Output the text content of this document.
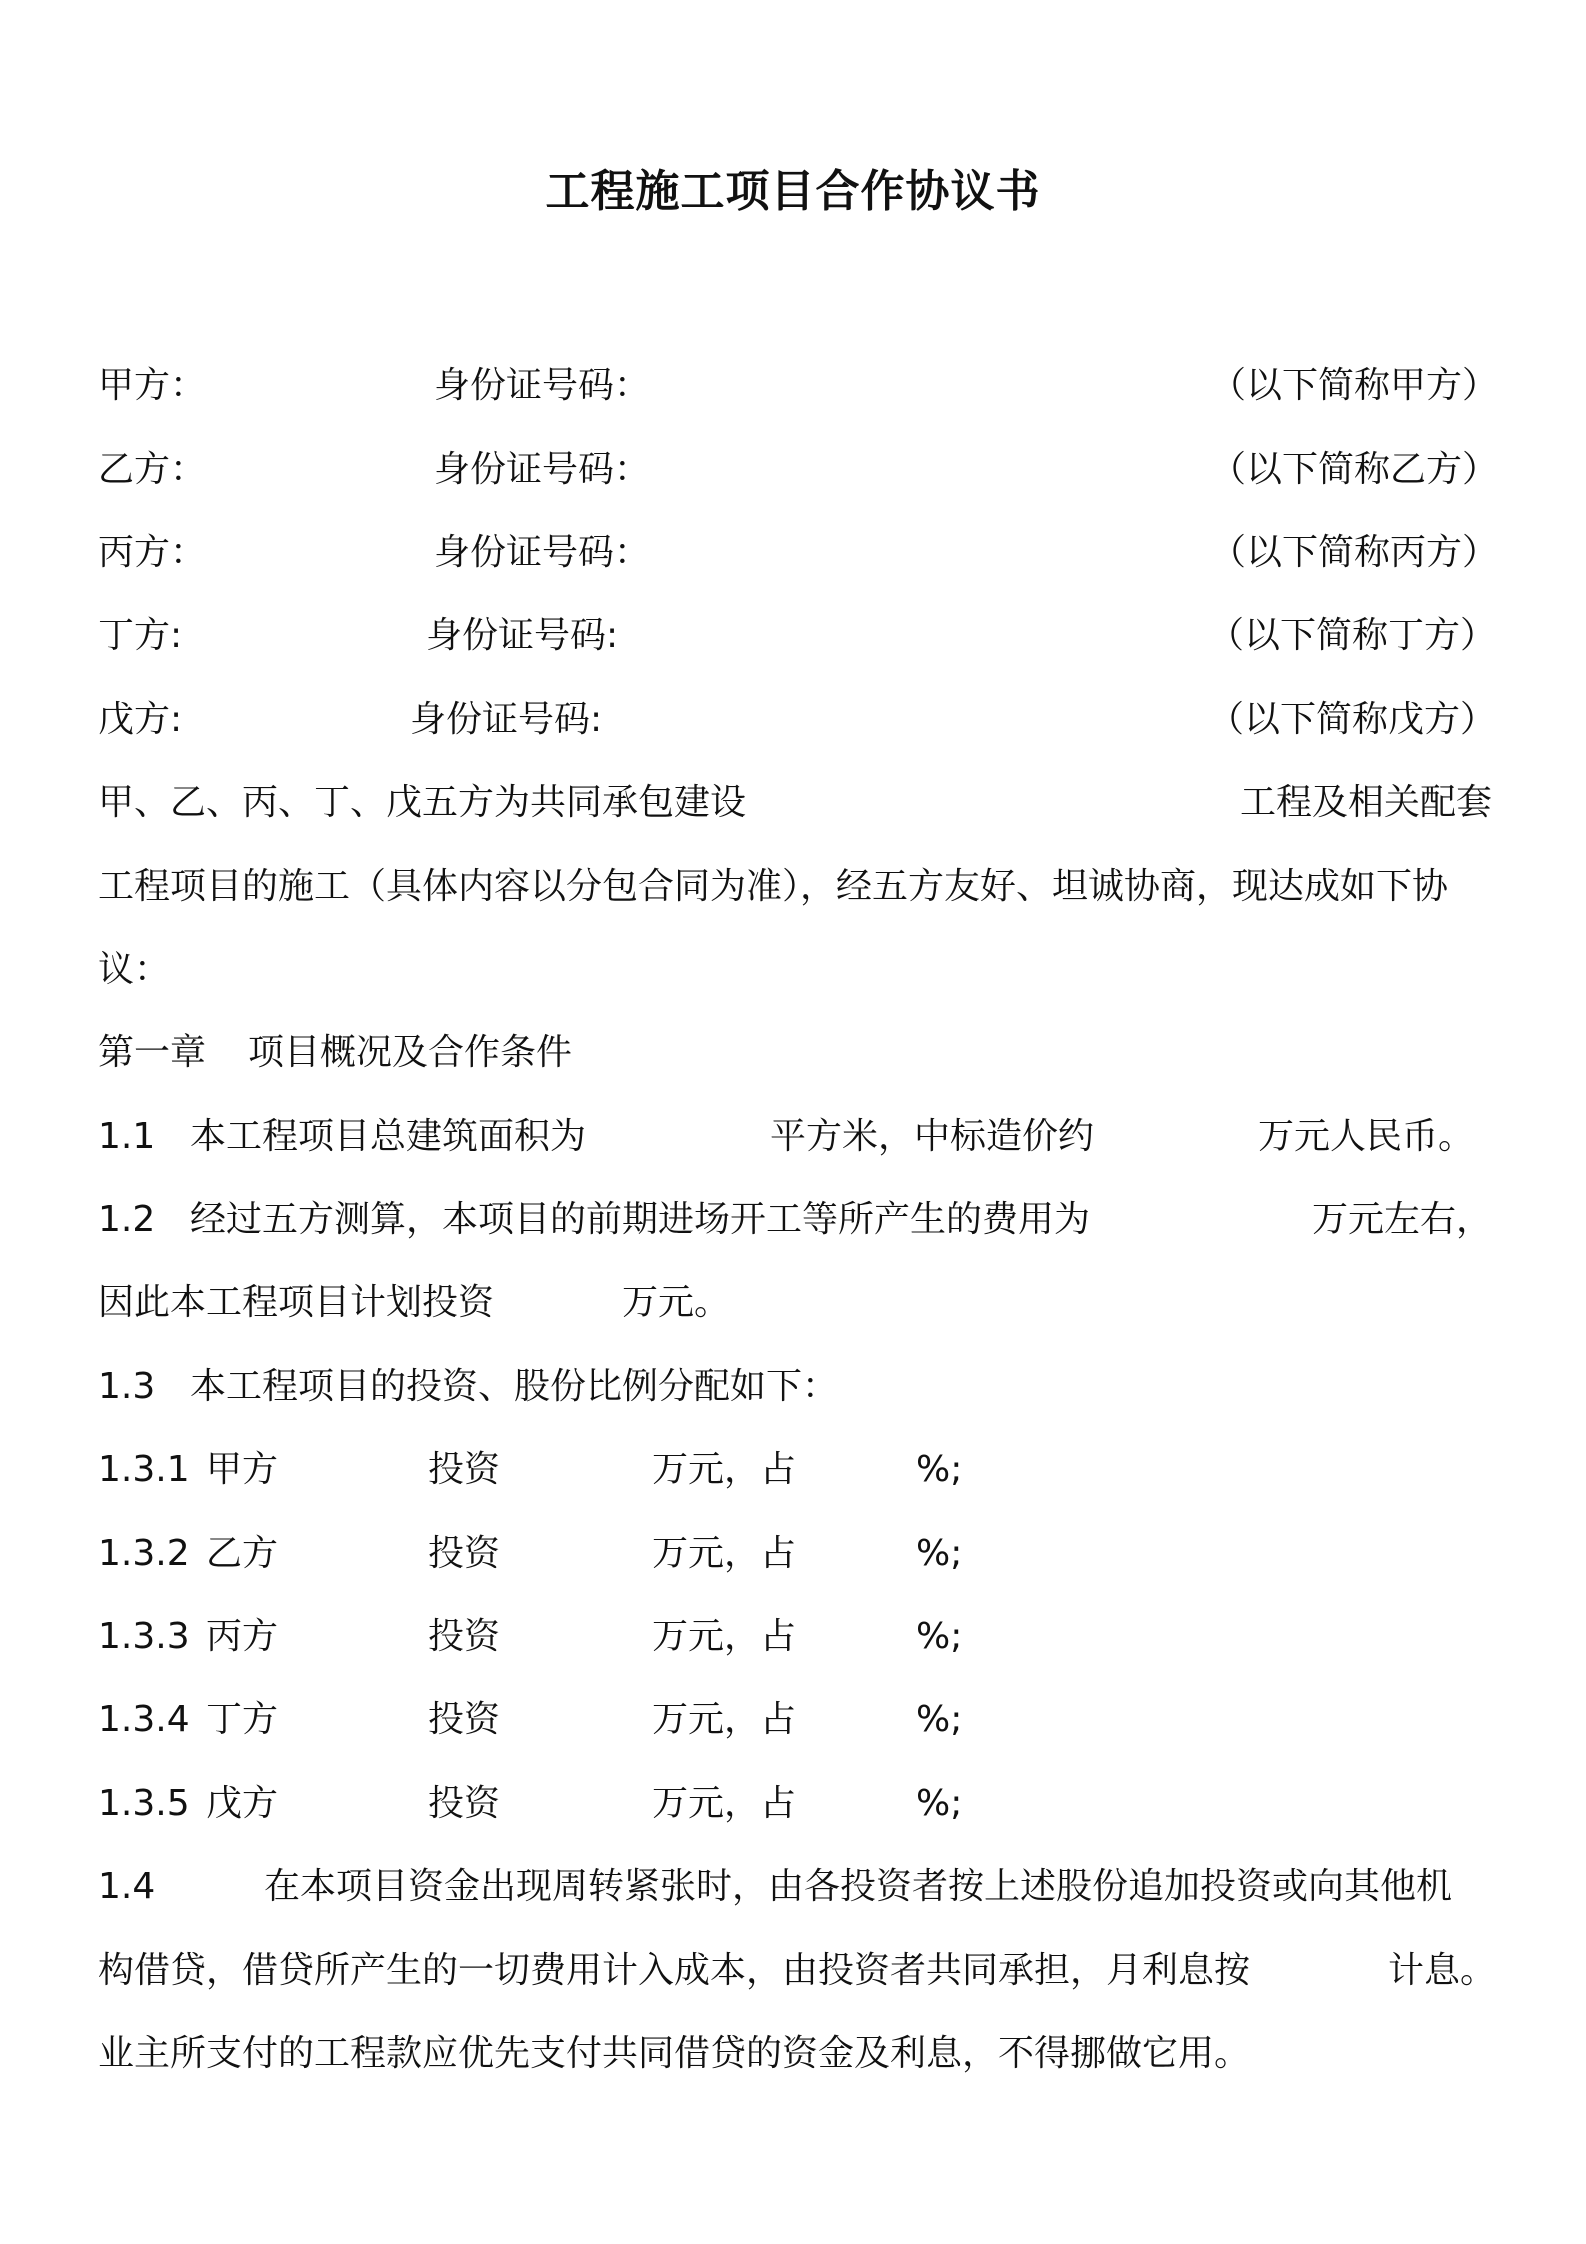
工程施工项目合作协议书
甲方：	身份证号码：	（以下简称甲方）
乙方：	身份证号码：	（以下简称乙方）
丙方：	身份证号码：	（以下简称丙方）
丁方:	身份证号码:	（以下简称丁方）
戊方:	身份证号码:	（以下简称戊方）
甲、乙、丙、丁、戊五方为共同承包建设	工程及相关配套
工程项目的施工（具体内容以分包合同为准），经五方友好、坦诚协商，现达成如下协
议：
第一章 项目概况及合作条件
1.1 本工程项目总建筑面积为	平方米，中标造价约	万元人民币。
1.2 经过五方测算，本项目的前期进场开工等所产生的费用为	万元左右，
因此本工程项目计划投资	万元。
1.3 本工程项目的投资、股份比例分配如下：
1.3.1 甲方	投资	万元，占	%;
1.3.2 乙方	投资	万元，占	%;
1.3.3 丙方	投资	万元，占	%;
1.3.4 丁方	投资	万元，占	%;
1.3.5 戊方	投资	万元，占	%;
1.4	在本项目资金出现周转紧张时，由各投资者按上述股份追加投资或向其他机
构借贷，借贷所产生的一切费用计入成本，由投资者共同承担，月利息按	计息。
业主所支付的工程款应优先支付共同借贷的资金及利息，不得挪做它用。
